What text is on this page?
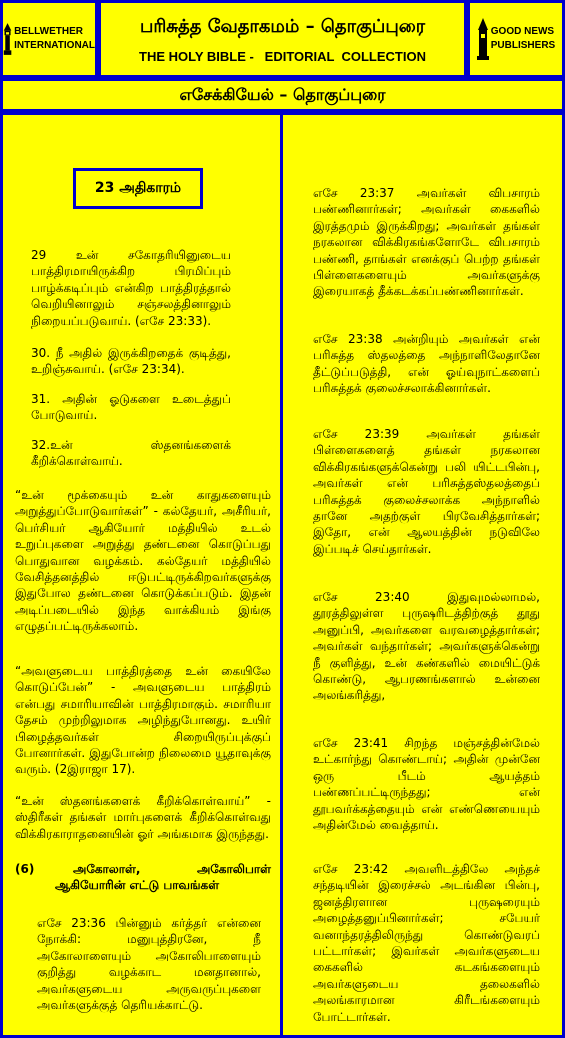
BELLWETHER
INTERNATIONAL
பரிசுத்த வேதாகமம் – தொகுப்புரை
THE HOLY BIBLE -   EDITORIAL  COLLECTION
GOOD NEWS
PUBLISHERS
எசேக்கியேல் – தொகுப்புரை
23 அதிகாரம்

29 உன் சகோதரியினுடைய பாத்திரமாயிருக்கிற பிரமிப்பும் பாழ்க்கடிப்பும் என்கிற பாத்திரத்தால் வெறியினாலும் சஞ்சலத்தினாலும் நிறையப்படுவாய். (எசே 23:33).

30. நீ அதில் இருக்கிறதைக் குடித்து, உறிஞ்சுவாய். (எசே 23:34).

31. அதின் ஓடுகளை உடைத்துப் போடுவாய்.

32.உன் ஸ்தனங்களைக் கீறிக்கொள்வாய்.

“உன் மூக்கையும் உன் காதுகளையும் அறுத்துப்போடுவார்கள்” - கல்தேயர், அசீரியர், பெர்சியர் ஆகியோர் மத்தியில் உடல் உறுப்புகளை அறுத்து தண்டனை கொடுப்பது பொதுவான வழக்கம். கல்தேயர் மத்தியில் வேசித்தனத்தில் ஈடுபட்டிருக்கிறவர்களுக்கு இதுபோல தண்டனை கொடுக்கப்படும். இதன் அடிப்படையில் இந்த வாக்கியம் இங்கு எழுதப்பட்டிருக்கலாம்.

“அவளுடைய பாத்திரத்தை உன் கையிலே கொடுப்பேன்” - அவளுடைய பாத்திரம் என்பது சமாரியாவின் பாத்திரமாகும். சமாரியா தேசம் முற்றிலுமாக அழிந்துபோனது. உயிர் பிழைத்தவர்கள் சிறையிருப்புக்குப் போனார்கள். இதுபோன்ற நிலைமை யூதாவுக்கு வரும். (2இராஜா 17).

“உன் ஸ்தனங்களைக் கீறிக்கொள்வாய்” - ஸ்திரீகள் தங்கள் மார்புகளைக் கீறிக்கொள்வது விக்கிரகாராதனையின் ஓர் அங்கமாக இருந்தது.

(6)	அகோலாள், அகோலிபாள்
ஆகியோரின் எட்டு பாவங்கள்

எசே 23:36 பின்னும் கர்த்தர் என்னை நோக்கி: மனுபுத்திரனே, நீ அகோலாளையும் அகோலிபாளையும் குறித்து வழக்காட மனதானால், அவர்களுடைய அருவருப்புகளை அவர்களுக்குத் தெரியக்காட்டு.

எசே 23:37 அவர்கள் விபசாரம் பண்ணினார்கள்; அவர்கள் கைகளில் இரத்தமும் இருக்கிறது; அவர்கள் தங்கள் நரகலான விக்கிரகங்களோடே விபசாரம் பண்ணி, தாங்கள் எனக்குப் பெற்ற தங்கள் பிள்ளைகளையும் அவர்களுக்கு இரையாகத் தீக்கடக்கப்பண்ணினார்கள்.

எசே 23:38 அன்றியும் அவர்கள் என் பரிசுத்த ஸ்தலத்தை அந்நாளிலேதானே தீட்டுப்படுத்தி, என் ஓய்வுநாட்களைப் பரிசுத்தக் குலைச்சலாக்கினார்கள்.

எசே 23:39 அவர்கள் தங்கள் பிள்ளைகளைத் தங்கள் நரகலான விக்கிரகங்களுக்கென்று பலி யிட்டபின்பு, அவர்கள் என் பரிசுத்தஸ்தலத்தைப் பரிசுத்தக் குலைச்சலாக்க அந்நாளில் தானே அதற்குள் பிரவேசித்தார்கள்; இதோ, என் ஆலயத்தின் நடுவிலே இப்படிச் செய்தார்கள்.

எசே 23:40 இதுவுமல்லாமல், தூரத்திலுள்ள புருஷரிடத்திற்குத் தூது அனுப்பி, அவர்களை வரவழைத்தார்கள்; அவர்கள் வந்தார்கள்; அவர்களுக்கென்று நீ குளித்து, உன் கண்களில் மையிட்டுக் கொண்டு, ஆபரணங்களால் உன்னை அலங்கரித்து,

எசே 23:41 சிறந்த மஞ்சத்தின்மேல் உட்கார்ந்து கொண்டாய்; அதின் முன்னே ஒரு பீடம் ஆயத்தம் பண்ணப்பட்டிருந்தது; என் தூபவர்க்கத்தையும் என் எண்ணெயையும் அதின்மேல் வைத்தாய்.

எசே 23:42 அவளிடத்திலே அந்தச் சந்தடியின் இரைச்சல் அடங்கின பின்பு, ஜனத்திரளான புருஷரையும் அழைத்தனுப்பினார்கள்; சபேயர் வனாந்தரத்திலிருந்து கொண்டுவரப் பட்டார்கள்; இவர்கள் அவர்களுடைய கைகளில் கடகங்களையும் அவர்களுடைய தலைகளில் அலங்காரமான கிரீடங்களையும் போட்டார்கள்.
